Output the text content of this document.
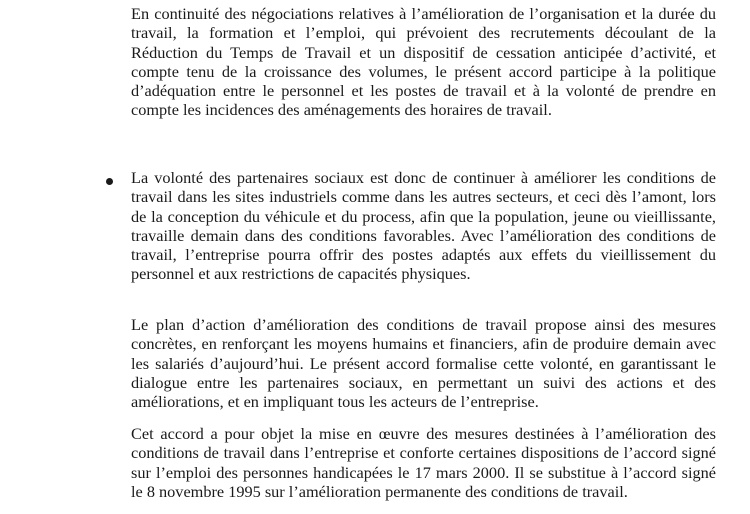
En continuité des négociations relatives à l’amélioration de l’organisation et la durée du travail, la formation et l’emploi, qui prévoient des recrutements découlant de la Réduction du Temps de Travail et un dispositif de cessation anticipée d’activité, et compte tenu de la croissance des volumes, le présent accord participe à la politique d’adéquation entre le personnel et les postes de travail et à la volonté de prendre en compte les incidences des aménagements des horaires de travail.

La volonté des partenaires sociaux est donc de continuer à améliorer les conditions de travail dans les sites industriels comme dans les autres secteurs, et ceci dès l’amont, lors de la conception du véhicule et du process, afin que la population, jeune ou vieillissante, travaille demain dans des conditions favorables. Avec l’amélioration des conditions de travail, l’entreprise pourra offrir des postes adaptés aux effets du vieillissement du personnel et aux restrictions de capacités physiques.

Le plan d’action d’amélioration des conditions de travail propose ainsi des mesures concrètes, en renforçant les moyens humains et financiers, afin de produire demain avec les salariés d’aujourd’hui. Le présent accord formalise cette volonté, en garantissant le dialogue entre les partenaires sociaux, en permettant un suivi des actions et des améliorations, et en impliquant tous les acteurs de l’entreprise.

Cet accord a pour objet la mise en œuvre des mesures destinées à l’amélioration des conditions de travail dans l’entreprise et conforte certaines dispositions de l’accord signé sur l’emploi des personnes handicapées le 17 mars 2000. Il se substitue à l’accord signé le 8 novembre 1995 sur l’amélioration permanente des conditions de travail.
